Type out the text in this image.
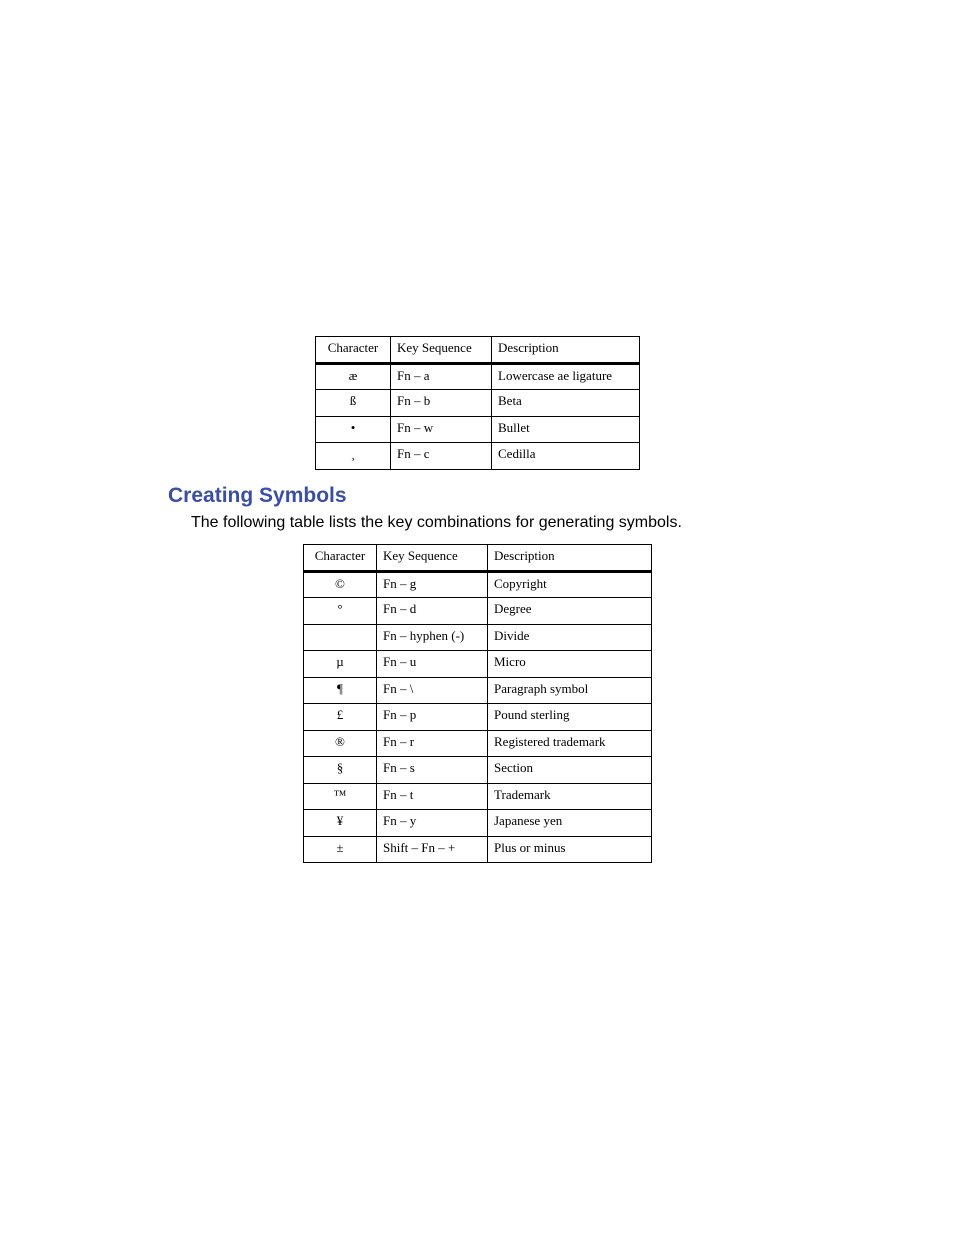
Character	Key Sequence	Description
æ	Fn – a	Lowercase ae ligature
ß	Fn – b	Beta
•	Fn – w	Bullet
¸	Fn – c	Cedilla
Creating Symbols

The following table lists the key combinations for generating symbols.

Character	Key Sequence	Description
©	Fn – g	Copyright
°	Fn – d	Degree
	Fn – hyphen (-)	Divide
µ	Fn – u	Micro
¶	Fn – \	Paragraph symbol
£	Fn – p	Pound sterling
®	Fn – r	Registered trademark
§	Fn – s	Section
™	Fn – t	Trademark
¥	Fn – y	Japanese yen
±	Shift – Fn – +	Plus or minus
